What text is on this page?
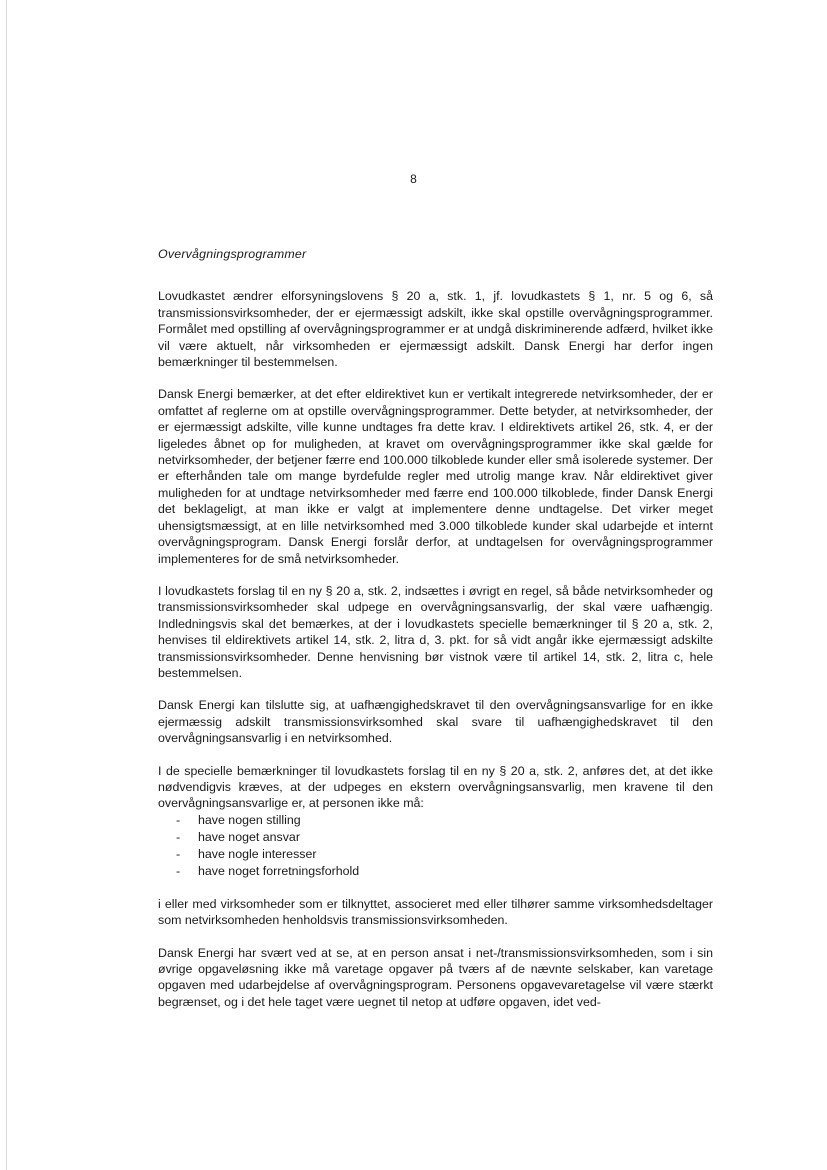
8

Overvågningsprogrammer

Lovudkastet ændrer elforsyningslovens § 20 a, stk. 1, jf. lovudkastets § 1, nr. 5 og 6, så transmissionsvirksomheder, der er ejermæssigt adskilt, ikke skal opstille overvågningsprogrammer. Formålet med opstilling af overvågningsprogrammer er at undgå diskriminerende adfærd, hvilket ikke vil være aktuelt, når virksomheden er ejermæssigt adskilt. Dansk Energi har derfor ingen bemærkninger til bestemmelsen.

Dansk Energi bemærker, at det efter eldirektivet kun er vertikalt integrerede netvirksomheder, der er omfattet af reglerne om at opstille overvågningsprogrammer. Dette betyder, at netvirksomheder, der er ejermæssigt adskilte, ville kunne undtages fra dette krav. I eldirektivets artikel 26, stk. 4, er der ligeledes åbnet op for muligheden, at kravet om overvågningsprogrammer ikke skal gælde for netvirksomheder, der betjener færre end 100.000 tilkoblede kunder eller små isolerede systemer. Der er efterhånden tale om mange byrdefulde regler med utrolig mange krav. Når eldirektivet giver muligheden for at undtage netvirksomheder med færre end 100.000 tilkoblede, finder Dansk Energi det beklageligt, at man ikke er valgt at implementere denne undtagelse. Det virker meget uhensigtsmæssigt, at en lille netvirksomhed med 3.000 tilkoblede kunder skal udarbejde et internt overvågningsprogram. Dansk Energi forslår derfor, at undtagelsen for overvågningsprogrammer implementeres for de små netvirksomheder.

I lovudkastets forslag til en ny § 20 a, stk. 2, indsættes i øvrigt en regel, så både netvirksomheder og transmissionsvirksomheder skal udpege en overvågningsansvarlig, der skal være uafhængig. Indledningsvis skal det bemærkes, at der i lovudkastets specielle bemærkninger til § 20 a, stk. 2, henvises til eldirektivets artikel 14, stk. 2, litra d, 3. pkt. for så vidt angår ikke ejermæssigt adskilte transmissionsvirksomheder. Denne henvisning bør vistnok være til artikel 14, stk. 2, litra c, hele bestemmelsen.

Dansk Energi kan tilslutte sig, at uafhængighedskravet til den overvågningsansvarlige for en ikke ejermæssig adskilt transmissionsvirksomhed skal svare til uafhængighedskravet til den overvågningsansvarlig i en netvirksomhed.

I de specielle bemærkninger til lovudkastets forslag til en ny § 20 a, stk. 2, anføres det, at det ikke nødvendigvis kræves, at der udpeges en ekstern overvågningsansvarlig, men kravene til den overvågningsansvarlige er, at personen ikke må:

-	have nogen stilling
-	have noget ansvar
-	have nogle interesser
-	have noget forretningsforhold

i eller med virksomheder som er tilknyttet, associeret med eller tilhører samme virksomhedsdeltager som netvirksomheden henholdsvis transmissionsvirksomheden.

Dansk Energi har svært ved at se, at en person ansat i net-/transmissionsvirksomheden, som i sin øvrige opgaveløsning ikke må varetage opgaver på tværs af de nævnte selskaber, kan varetage opgaven med udarbejdelse af overvågningsprogram. Personens opgavevaretagelse vil være stærkt begrænset, og i det hele taget være uegnet til netop at udføre opgaven, idet ved-
